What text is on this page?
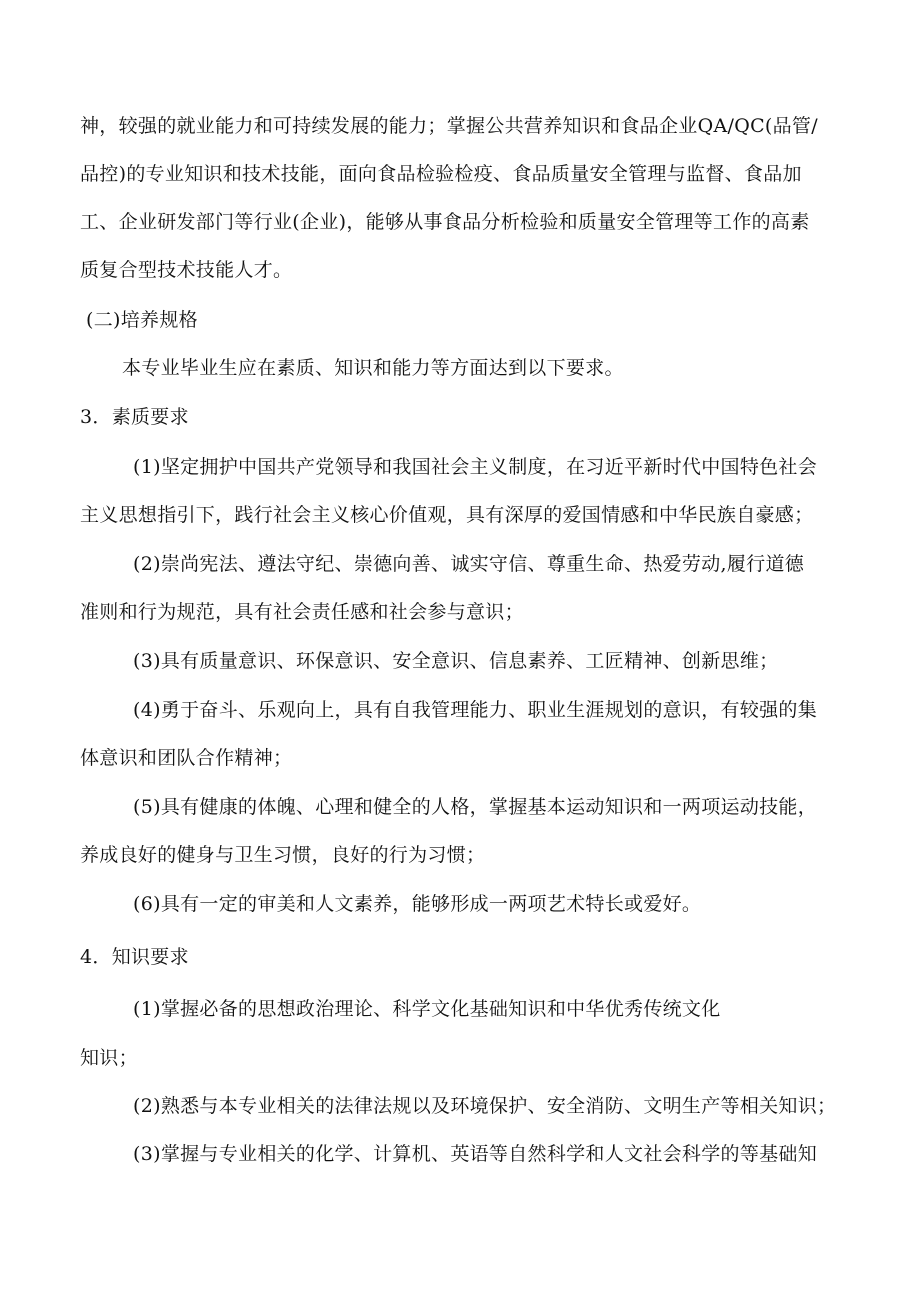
神，较强的就业能力和可持续发展的能力；掌握公共营养知识和食品企业QA/QC(品管/
品控)的专业知识和技术技能，面向食品检验检疫、食品质量安全管理与监督、食品加
工、企业研发部门等行业(企业)，能够从事食品分析检验和质量安全管理等工作的高素
质复合型技术技能人才。
(二)培养规格
本专业毕业生应在素质、知识和能力等方面达到以下要求。
3．素质要求
(1)坚定拥护中国共产党领导和我国社会主义制度，在习近平新时代中国特色社会
主义思想指引下，践行社会主义核心价值观，具有深厚的爱国情感和中华民族自豪感；
(2)崇尚宪法、遵法守纪、崇德向善、诚实守信、尊重生命、热爱劳动,履行道德
准则和行为规范，具有社会责任感和社会参与意识；
(3)具有质量意识、环保意识、安全意识、信息素养、工匠精神、创新思维；
(4)勇于奋斗、乐观向上，具有自我管理能力、职业生涯规划的意识，有较强的集
体意识和团队合作精神；
(5)具有健康的体魄、心理和健全的人格，掌握基本运动知识和一两项运动技能，
养成良好的健身与卫生习惯，良好的行为习惯；
(6)具有一定的审美和人文素养，能够形成一两项艺术特长或爱好。
4．知识要求
(1)掌握必备的思想政治理论、科学文化基础知识和中华优秀传统文化
知识；
(2)熟悉与本专业相关的法律法规以及环境保护、安全消防、文明生产等相关知识；
(3)掌握与专业相关的化学、计算机、英语等自然科学和人文社会科学的等基础知
